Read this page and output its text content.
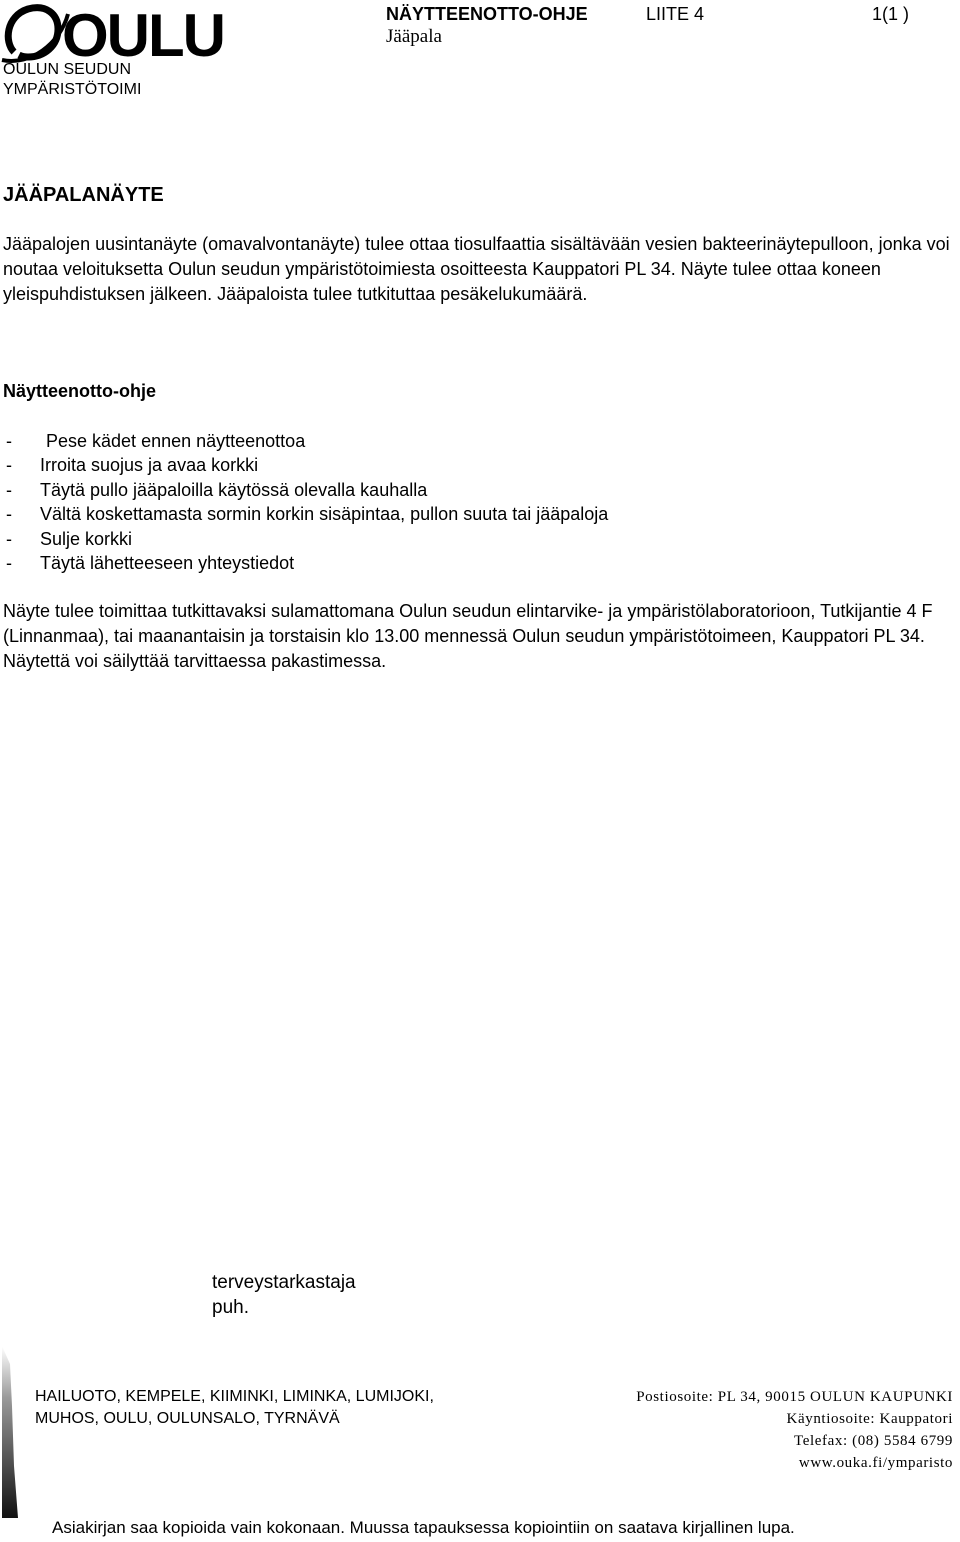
OULU
OULUN SEUDUN
YMPÄRISTÖTOIMI
NÄYTTEENOTTO-OHJE
Jääpala
LIITE 4	1(1 )
JÄÄPALANÄYTE
Jääpalojen uusintanäyte (omavalvontanäyte) tulee ottaa tiosulfaattia sisältävään vesien bakteerinäytepulloon, jonka voi noutaa veloituksetta Oulun seudun ympäristötoimiesta osoitteesta Kauppatori PL 34. Näyte tulee ottaa koneen yleispuhdistuksen jälkeen. Jääpaloista tulee tutkituttaa pesäkelukumäärä.
Näytteenotto-ohje
- Pese kädet ennen näytteenottoa
- Irroita suojus ja avaa korkki
- Täytä pullo jääpaloilla käytössä olevalla kauhalla
- Vältä koskettamasta sormin korkin sisäpintaa, pullon suuta tai jääpaloja
- Sulje korkki
- Täytä lähetteeseen yhteystiedot
Näyte tulee toimittaa tutkittavaksi sulamattomana Oulun seudun elintarvike- ja ympäristölaboratorioon, Tutkijantie 4 F (Linnanmaa), tai maanantaisin ja torstaisin klo 13.00 mennessä Oulun seudun ympäristötoimeen, Kauppatori PL 34. Näytettä voi säilyttää tarvittaessa pakastimessa.
terveystarkastaja
puh.
HAILUOTO, KEMPELE, KIIMINKI, LIMINKA, LUMIJOKI,
MUHOS, OULU, OULUNSALO, TYRNÄVÄ
Postiosoite: PL 34, 90015 OULUN KAUPUNKI
Käyntiosoite: Kauppatori
Telefax: (08) 5584 6799
www.ouka.fi/ymparisto
Asiakirjan saa kopioida vain kokonaan. Muussa tapauksessa kopiointiin on saatava kirjallinen lupa.
